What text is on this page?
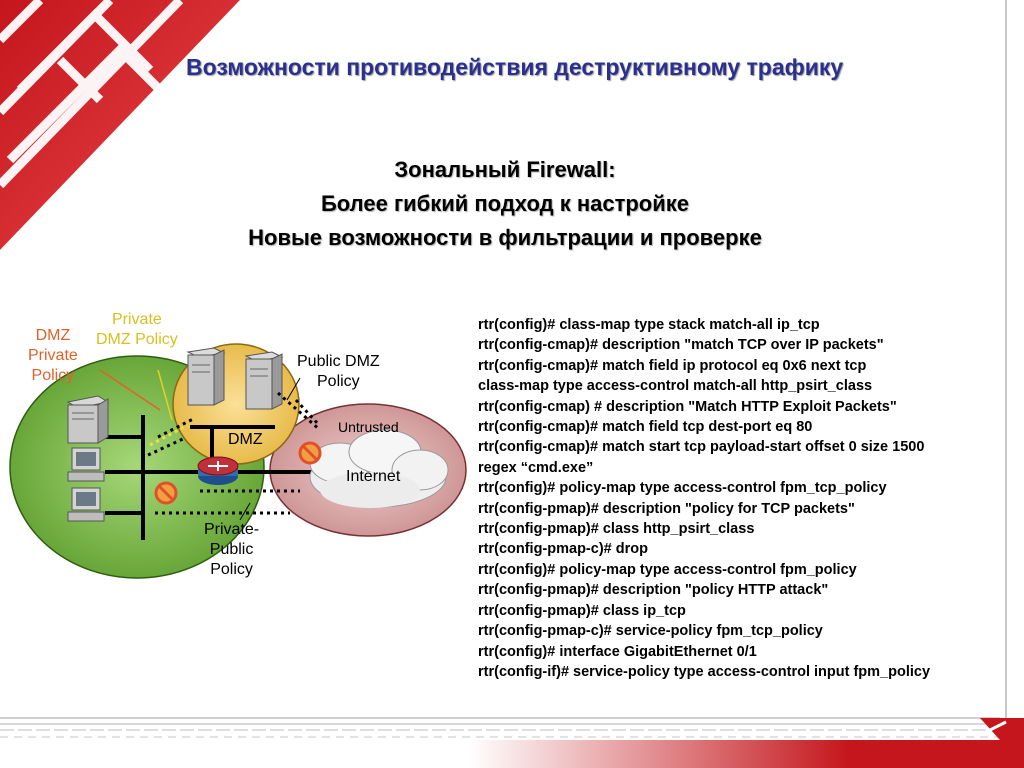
Возможности противодействия деструктивному трафику
Зональный Firewall:
Более гибкий подход к настройке
Новые возможности в фильтрации и проверке
DMZ
Private
Policy
Private
DMZ Policy
Public DMZ
Policy
Untrusted
Internet
DMZ
Private-
Public
Policy
rtr(config)# class-map type stack match-all ip_tcp
rtr(config-cmap)# description "match TCP over IP packets"
rtr(config-cmap)# match field ip protocol eq 0x6 next tcp
class-map type access-control match-all http_psirt_class
rtr(config-cmap) # description "Match HTTP Exploit Packets"
rtr(config-cmap)# match field tcp dest-port eq 80
rtr(config-cmap)# match start tcp payload-start offset 0 size 1500
regex “cmd.exe”
rtr(config)# policy-map type access-control fpm_tcp_policy
rtr(config-pmap)# description "policy for TCP packets"
rtr(config-pmap)# class http_psirt_class
rtr(config-pmap-c)# drop
rtr(config)# policy-map type access-control fpm_policy
rtr(config-pmap)# description "policy HTTP attack"
rtr(config-pmap)# class ip_tcp
rtr(config-pmap-c)# service-policy fpm_tcp_policy
rtr(config)# interface GigabitEthernet 0/1
rtr(config-if)# service-policy type access-control input fpm_policy
